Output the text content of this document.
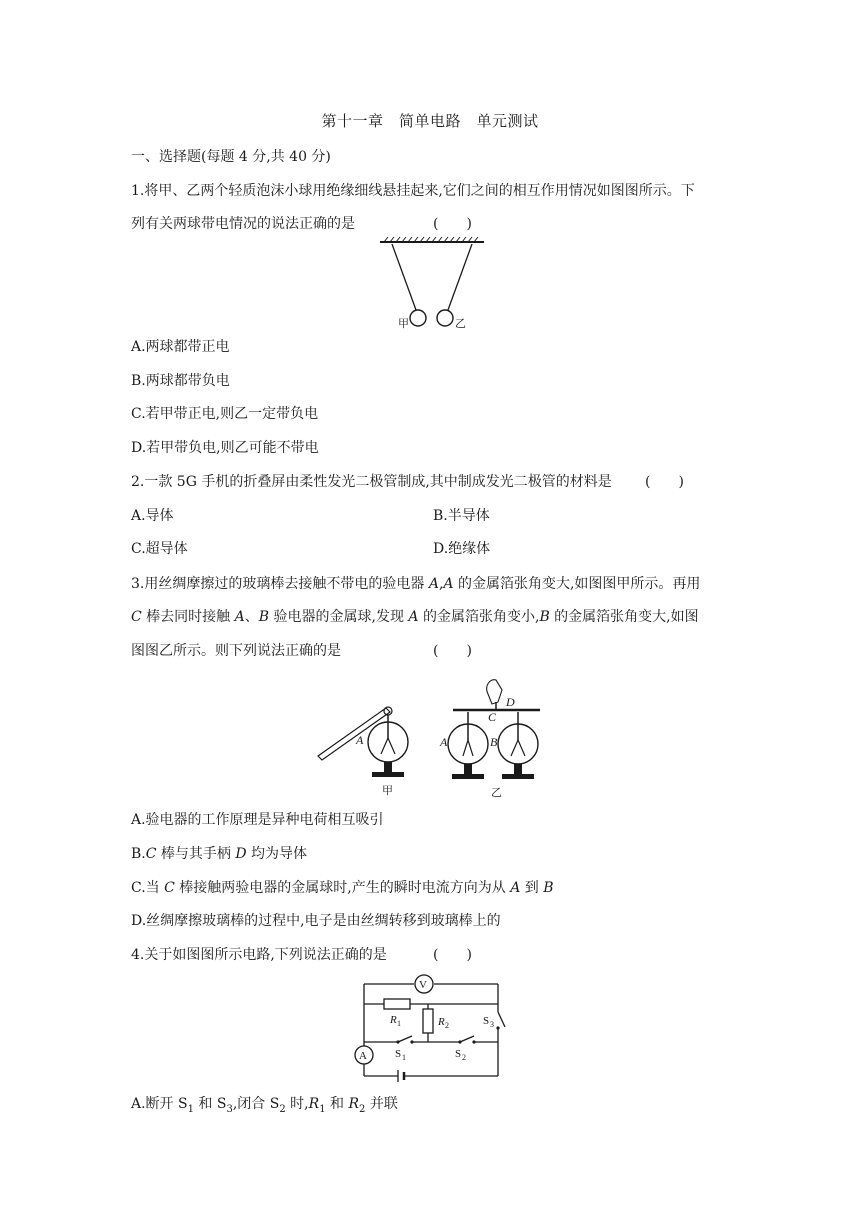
第十一章　简单电路　单元测试
一、选择题(每题 4 分,共 40 分)
1.将甲、乙两个轻质泡沫小球用绝缘细线悬挂起来,它们之间的相互作用情况如图图所示。下
列有关两球带电情况的说法正确的是	(　　)
甲	乙
A.两球都带正电
B.两球都带负电
C.若甲带正电,则乙一定带负电
D.若甲带负电,则乙可能不带电
2.一款 5G 手机的折叠屏由柔性发光二极管制成,其中制成发光二极管的材料是 (　　)
A.导体	B.半导体
C.超导体	D.绝缘体
3.用丝绸摩擦过的玻璃棒去接触不带电的验电器 A,A 的金属箔张角变大,如图图甲所示。再用
C 棒去同时接触 A、B 验电器的金属球,发现 A 的金属箔张角变小,B 的金属箔张角变大,如图
图图乙所示。则下列说法正确的是	(　　)
A
甲
C
D
A	B
乙
A.验电器的工作原理是异种电荷相互吸引
B.C 棒与其手柄 D 均为导体
C.当 C 棒接触两验电器的金属球时,产生的瞬时电流方向为从 A 到 B
D.丝绸摩擦玻璃棒的过程中,电子是由丝绸转移到玻璃棒上的
4.关于如图图所示电路,下列说法正确的是	(　　)
V
R 1	R 2
S 1	S 2
S 3
A
A.断开 $S_1$ 和 $S_3$,闭合 $S_2$ 时$,R_1$ 和 $R_2$ 并联
